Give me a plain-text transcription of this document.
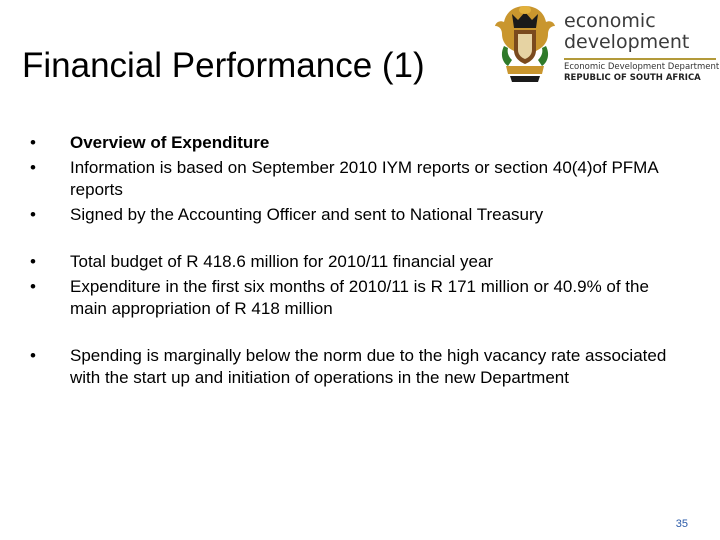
Financial Performance (1)
economic
development
Economic Development Department
REPUBLIC OF SOUTH AFRICA
• Overview of Expenditure
• Information is based on September 2010 IYM reports or section 40(4)of PFMA reports
• Signed by the Accounting Officer and sent to National Treasury
• Total budget of R 418.6 million for 2010/11 financial year
• Expenditure in the first six months of 2010/11 is R 171 million or 40.9% of the main appropriation of R 418 million
• Spending is marginally below the norm due to the high vacancy rate associated with the start up and initiation of operations in the new Department
35
